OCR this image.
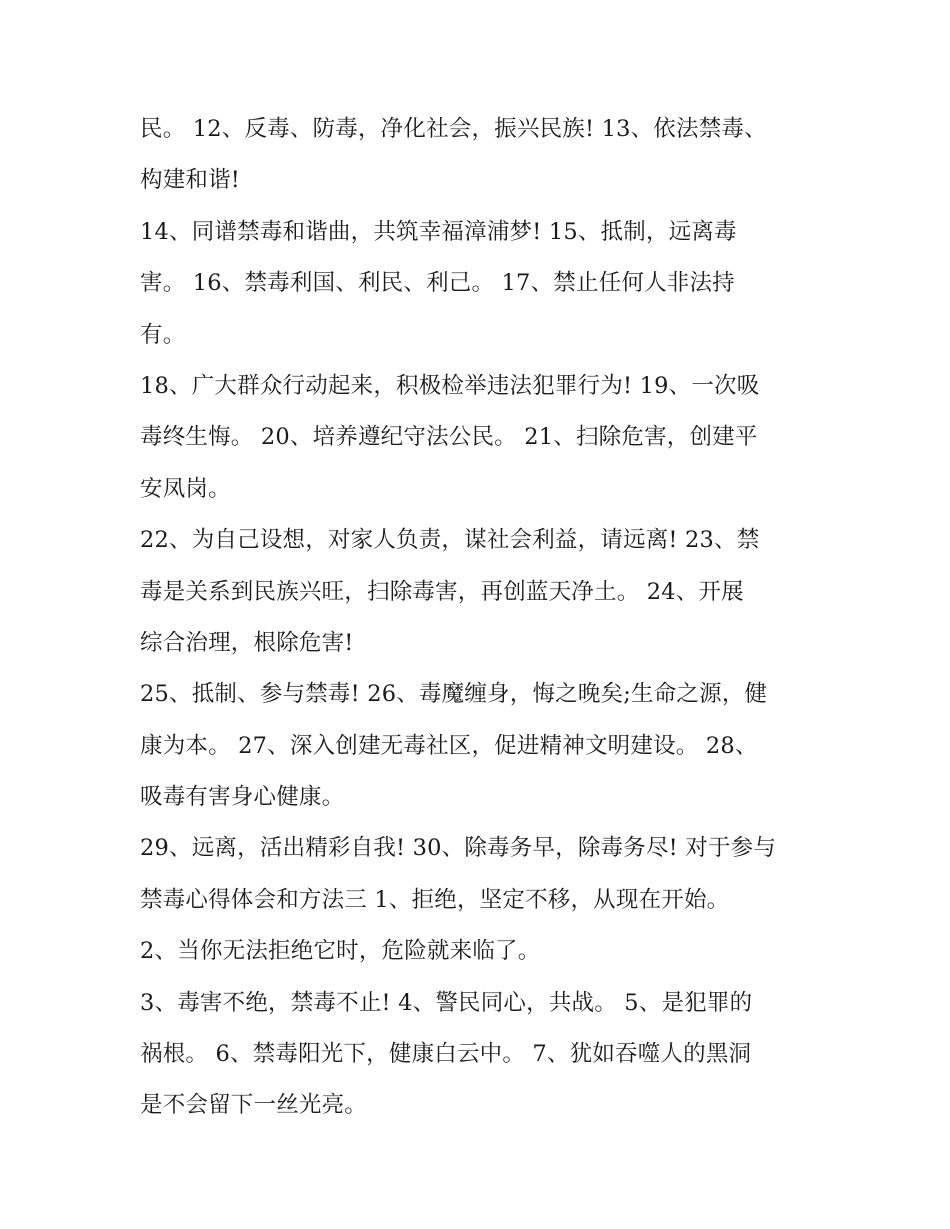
民。 12、反毒、防毒，净化社会，振兴民族! 13、依法禁毒、
构建和谐!
14、同谱禁毒和谐曲，共筑幸福漳浦梦! 15、抵制，远离毒
害。 16、禁毒利国、利民、利己。 17、禁止任何人非法持
有。
18、广大群众行动起来，积极检举违法犯罪行为! 19、一次吸
毒终生悔。 20、培养遵纪守法公民。 21、扫除危害，创建平
安凤岗。
22、为自己设想，对家人负责，谋社会利益，请远离! 23、禁
毒是关系到民族兴旺，扫除毒害，再创蓝天净土。 24、开展
综合治理，根除危害!
25、抵制、参与禁毒! 26、毒魔缠身，悔之晚矣;生命之源，健
康为本。 27、深入创建无毒社区，促进精神文明建设。 28、
吸毒有害身心健康。
29、远离，活出精彩自我! 30、除毒务早，除毒务尽! 对于参与
禁毒心得体会和方法三 1、拒绝，坚定不移，从现在开始。
2、当你无法拒绝它时，危险就来临了。
3、毒害不绝，禁毒不止! 4、警民同心，共战。 5、是犯罪的
祸根。 6、禁毒阳光下，健康白云中。 7、犹如吞噬人的黑洞
是不会留下一丝光亮。
